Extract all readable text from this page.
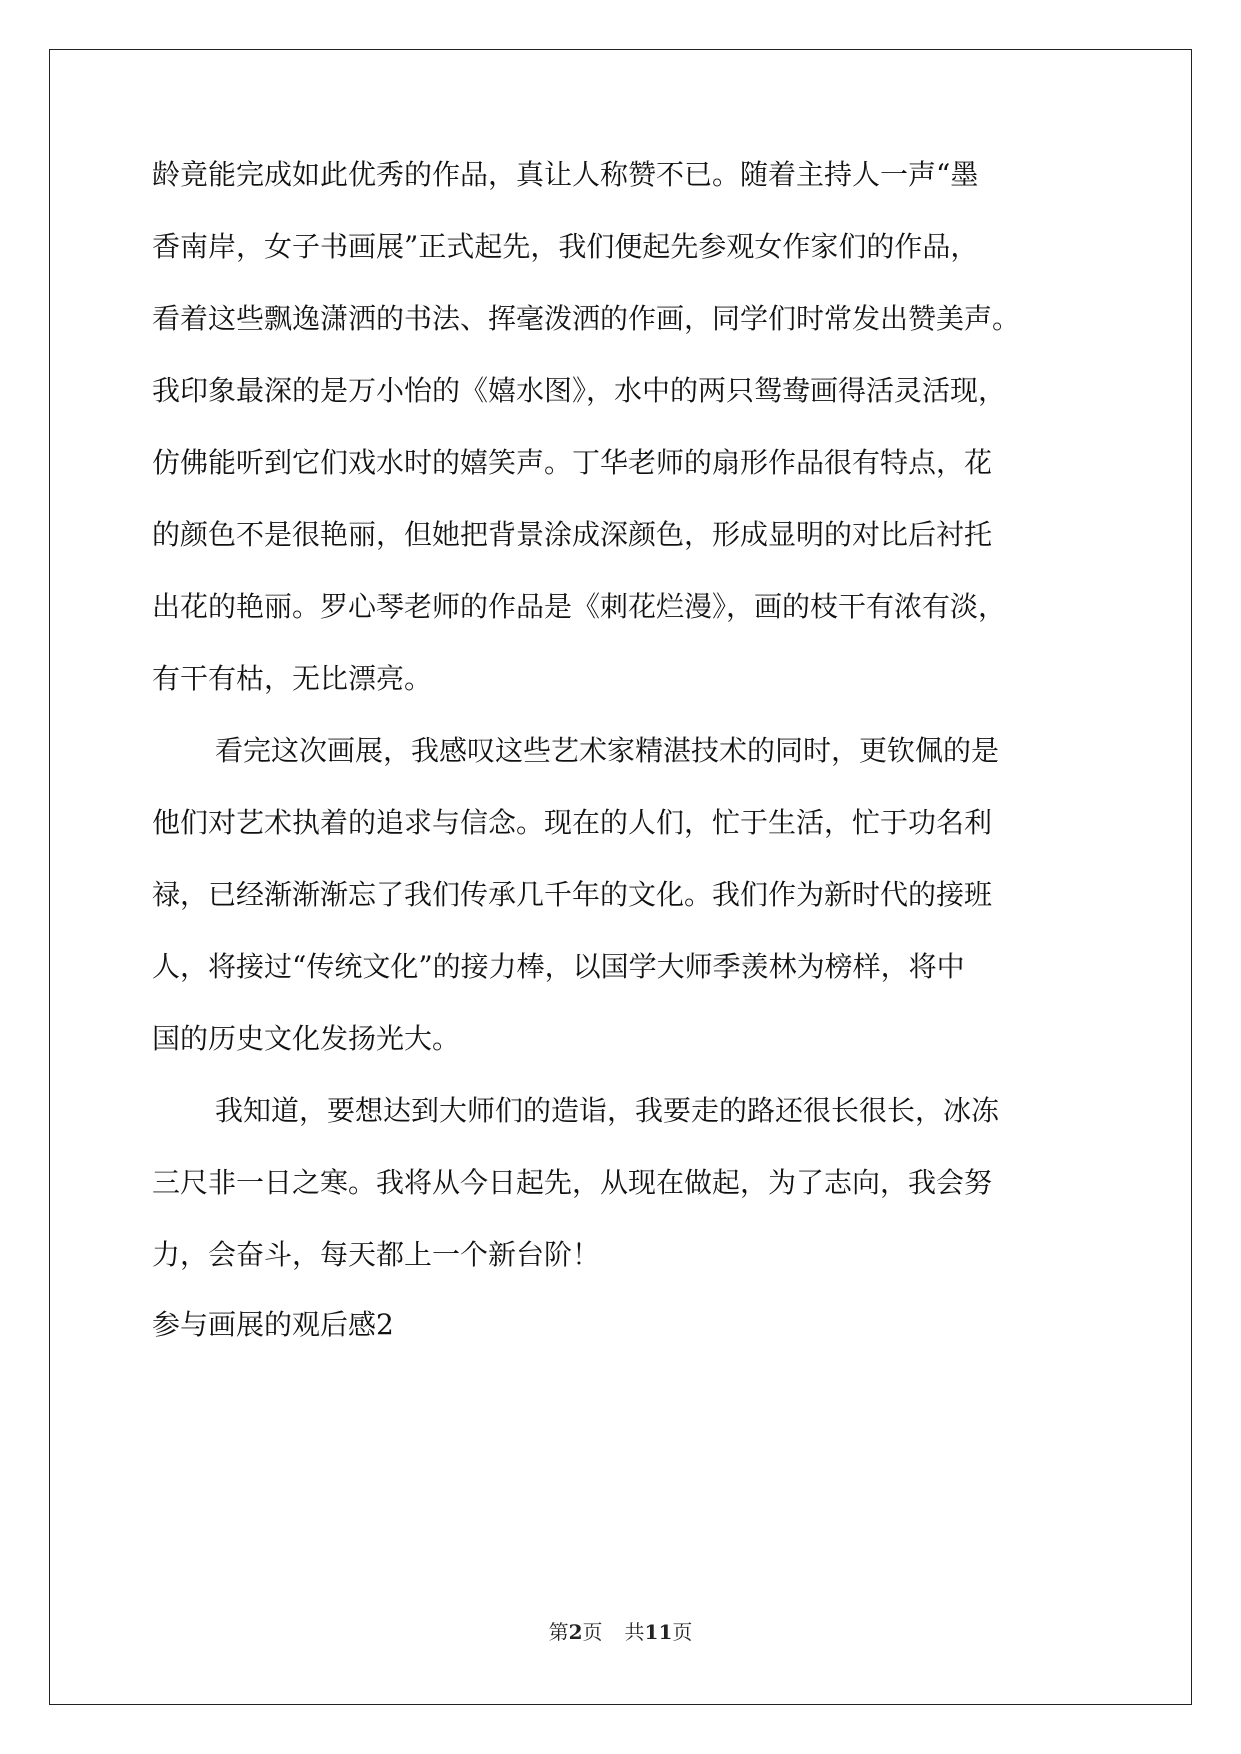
龄竟能完成如此优秀的作品，真让人称赞不已。随着主持人一声“墨
香南岸，女子书画展”正式起先，我们便起先参观女作家们的作品，
看着这些飘逸潇洒的书法、挥毫泼洒的作画，同学们时常发出赞美声。
我印象最深的是万小怡的《嬉水图》，水中的两只鸳鸯画得活灵活现，
仿佛能听到它们戏水时的嬉笑声。丁华老师的扇形作品很有特点，花
的颜色不是很艳丽，但她把背景涂成深颜色，形成显明的对比后衬托
出花的艳丽。罗心琴老师的作品是《刺花烂漫》，画的枝干有浓有淡，
有干有枯，无比漂亮。
看完这次画展，我感叹这些艺术家精湛技术的同时，更钦佩的是
他们对艺术执着的追求与信念。现在的人们，忙于生活，忙于功名利
禄，已经渐渐渐忘了我们传承几千年的文化。我们作为新时代的接班
人，将接过“传统文化”的接力棒，以国学大师季羡林为榜样，将中
国的历史文化发扬光大。
我知道，要想达到大师们的造诣，我要走的路还很长很长，冰冻
三尺非一日之寒。我将从今日起先，从现在做起，为了志向，我会努
力，会奋斗，每天都上一个新台阶！
参与画展的观后感2
第2页 共11页
